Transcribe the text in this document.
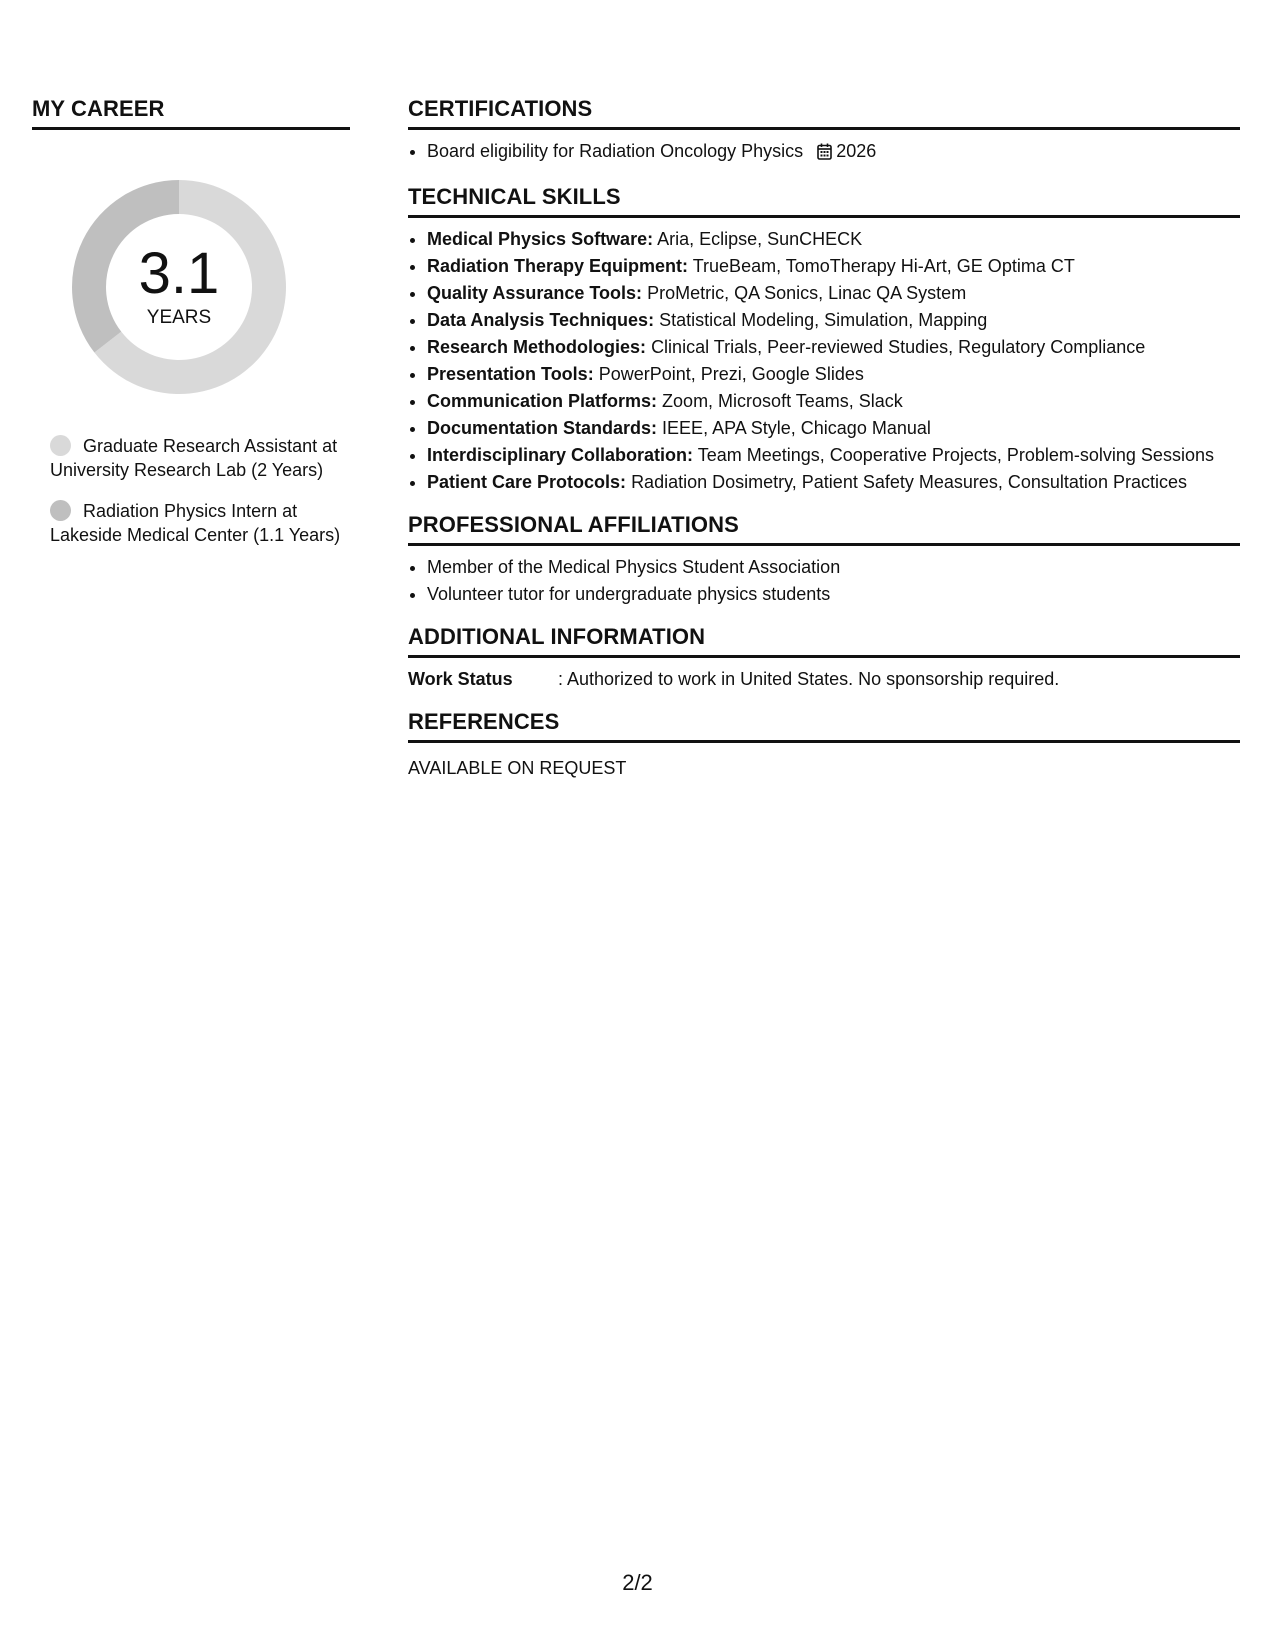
MY CAREER
3.1
YEARS
Graduate Research Assistant at University Research Lab (2 Years)
Radiation Physics Intern at Lakeside Medical Center (1.1 Years)
CERTIFICATIONS
• Board eligibility for Radiation Oncology Physics 2026
TECHNICAL SKILLS
• Medical Physics Software: Aria, Eclipse, SunCHECK
• Radiation Therapy Equipment: TrueBeam, TomoTherapy Hi-Art, GE Optima CT
• Quality Assurance Tools: ProMetric, QA Sonics, Linac QA System
• Data Analysis Techniques: Statistical Modeling, Simulation, Mapping
• Research Methodologies: Clinical Trials, Peer-reviewed Studies, Regulatory Compliance
• Presentation Tools: PowerPoint, Prezi, Google Slides
• Communication Platforms: Zoom, Microsoft Teams, Slack
• Documentation Standards: IEEE, APA Style, Chicago Manual
• Interdisciplinary Collaboration: Team Meetings, Cooperative Projects, Problem-solving Sessions
• Patient Care Protocols: Radiation Dosimetry, Patient Safety Measures, Consultation Practices
PROFESSIONAL AFFILIATIONS
• Member of the Medical Physics Student Association
• Volunteer tutor for undergraduate physics students
ADDITIONAL INFORMATION
Work Status	: Authorized to work in United States. No sponsorship required.
REFERENCES
AVAILABLE ON REQUEST
2/2
